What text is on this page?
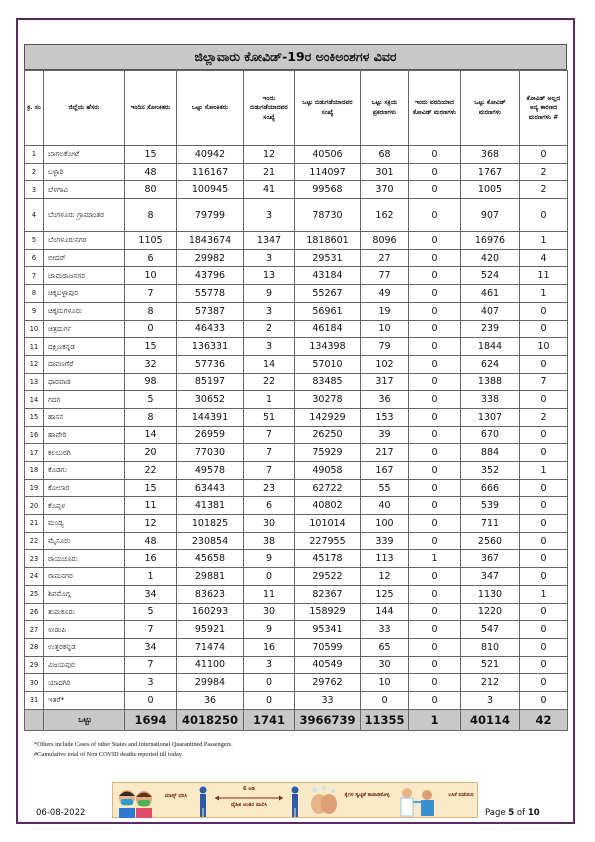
ಜಿಲ್ಲಾವಾರು ಕೋವಿಡ್-19ರ ಅಂಕಿಅಂಶಗಳ ವಿವರ
ಕ್ರ. ಸಂ	ಜಿಲ್ಲೆಯ ಹೆಸರು	ಇಂದಿನ ಸೋಂಕಿತರು	ಒಟ್ಟು ಸೋಂಕಿತರು	ಇಂದು ಬಿಡುಗಡೆಯಾದವರ ಸಂಖ್ಯೆ	ಒಟ್ಟು ಬಿಡುಗಡೆಯಾದವರ ಸಂಖ್ಯೆ	ಒಟ್ಟು ಸಕ್ರಿಯ ಪ್ರಕರಣಗಳು	ಇಂದು ವರದಿಯಾದ ಕೋವಿಡ್ ಮರಣಗಳು	ಒಟ್ಟು ಕೋವಿಡ್ ಮರಣಗಳು	ಕೋವಿಡ್ ಅಲ್ಲದ ಅನ್ಯ ಕಾರಣದ ಮರಣಗಳು #
1	ಬಾಗಲಕೋಟೆ	15	40942	12	40506	68	0	368	0
2	ಬಳ್ಳಾರಿ	48	116167	21	114097	301	0	1767	2
3	ಬೆಳಗಾವಿ	80	100945	41	99568	370	0	1005	2
4	ಬೆಂಗಳೂರು ಗ್ರಾಮಾಂತರ	8	79799	3	78730	162	0	907	0
5	ಬೆಂಗಳೂರುನಗರ	1105	1843674	1347	1818601	8096	0	16976	1
6	ಬೀದರ್	6	29982	3	29531	27	0	420	4
7	ಚಾಮರಾಜನಗರ	10	43796	13	43184	77	0	524	11
8	ಚಿಕ್ಕಬಳ್ಳಾಪುರ	7	55778	9	55267	49	0	461	1
9	ಚಿಕ್ಕಮಗಳೂರು	8	57387	3	56961	19	0	407	0
10	ಚಿತ್ರದುರ್ಗ	0	46433	2	46184	10	0	239	0
11	ದಕ್ಷಿಣಕನ್ನಡ	15	136331	3	134398	79	0	1844	10
12	ದಾವಣಗೆರೆ	32	57736	14	57010	102	0	624	0
13	ಧಾರವಾಡ	98	85197	22	83485	317	0	1388	7
14	ಗದಗ	5	30652	1	30278	36	0	338	0
15	ಹಾಸನ	8	144391	51	142929	153	0	1307	2
16	ಹಾವೇರಿ	14	26959	7	26250	39	0	670	0
17	ಕಲಬುರಗಿ	20	77030	7	75929	217	0	884	0
18	ಕೊಡಗು	22	49578	7	49058	167	0	352	1
19	ಕೋಲಾರ	15	63443	23	62722	55	0	666	0
20	ಕೊಪ್ಪಳ	11	41381	6	40802	40	0	539	0
21	ಮಂಡ್ಯ	12	101825	30	101014	100	0	711	0
22	ಮೈಸೂರು	48	230854	38	227955	339	0	2560	0
23	ರಾಯಚೂರು	16	45658	9	45178	113	1	367	0
24	ರಾಮನಗರ	1	29881	0	29522	12	0	347	0
25	ಶಿವಮೊಗ್ಗ	34	83623	11	82367	125	0	1130	1
26	ತುಮಕೂರು	5	160293	30	158929	144	0	1220	0
27	ಉಡುಪಿ	7	95921	9	95341	33	0	547	0
28	ಉತ್ತರಕನ್ನಡ	34	71474	16	70599	65	0	810	0
29	ವಿಜಯಪುರ	7	41100	3	40549	30	0	521	0
30	ಯಾದಗಿರಿ	3	29984	0	29762	10	0	212	0
31	ಇತರೆ*	0	36	0	33	0	0	3	0
	ಒಟ್ಟು	1694	4018250	1741	3966739	11355	1	40114	42
*Others include Cases of other States and International Quarantined Passengers.
#Cumulative total of Non COVID deaths reported till today.
ಮಾಸ್ಕ್ ಧರಿಸಿ
6 ಅಡಿ
ದೈಹಿಕ ಅಂತರ ಪಾಲಿಸಿ
ಕೈಗಳ ಸ್ವಚ್ಛತೆ ಕಾಪಾಡಿಕೊಳ್ಳಿ	ಲಸಿಕೆ ಪಡೆಯಿರಿ
06-08-2022	Page 5 of 10
